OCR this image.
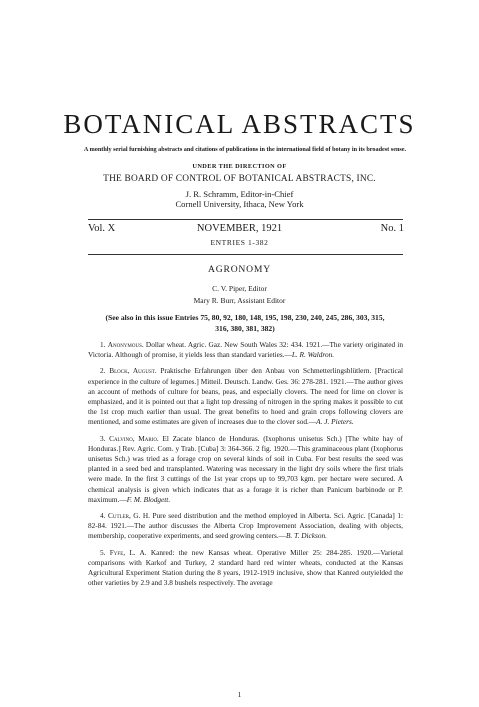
BOTANICAL ABSTRACTS
A monthly serial furnishing abstracts and citations of publications in the international field of botany in its broadest sense.
UNDER THE DIRECTION OF
THE BOARD OF CONTROL OF BOTANICAL ABSTRACTS, INC.
J. R. Schramm, Editor-in-Chief
Cornell University, Ithaca, New York
Vol. X	NOVEMBER, 1921	No. 1
ENTRIES 1-382
AGRONOMY
C. V. Piper, Editor
Mary R. Burr, Assistant Editor
(See also in this issue Entries 75, 80, 92, 180, 148, 195, 198, 230, 240, 245, 286, 303, 315, 316, 380, 381, 382)

1. Anonymous. Dollar wheat. Agric. Gaz. New South Wales 32: 434. 1921.—The variety originated in Victoria. Although of promise, it yields less than standard varieties.—L. R. Waldron.

2. Block, August. Praktische Erfahrungen über den Anbau von Schmetterlingsblütlern. [Practical experience in the culture of legumes.] Mitteil. Deutsch. Landw. Ges. 36: 278-281. 1921.—The author gives an account of methods of culture for beans, peas, and especially clovers. The need for lime on clover is emphasized, and it is pointed out that a light top dressing of nitrogen in the spring makes it possible to cut the 1st crop much earlier than usual. The great benefits to hoed and grain crops following clovers are mentioned, and some estimates are given of increases due to the clover sod.—A. J. Pieters.

3. Calvino, Mario. El Zacate blanco de Honduras. (Ixophorus unisetus Sch.) [The white hay of Honduras.] Rev. Agric. Com. y Trab. [Cuba] 3: 364-366. 2 fig. 1920.—This graminaceous plant (Ixophorus unisetus Sch.) was tried as a forage crop on several kinds of soil in Cuba. For best results the seed was planted in a seed bed and transplanted. Watering was necessary in the light dry soils where the first trials were made. In the first 3 cuttings of the 1st year crops up to 99,703 kgm. per hectare were secured. A chemical analysis is given which indicates that as a forage it is richer than Panicum barbinode or P. maximum.—F. M. Blodgett.

4. Cutler, G. H. Pure seed distribution and the method employed in Alberta. Sci. Agric. [Canada] 1: 82-84. 1921.—The author discusses the Alberta Crop Improvement Association, dealing with objects, membership, cooperative experiments, and seed growing centers.—B. T. Dickson.

5. Fyfe, L. A. Kanred: the new Kansas wheat. Operative Miller 25: 284-285. 1920.—Varietal comparisons with Karkof and Turkey, 2 standard hard red winter wheats, conducted at the Kansas Agricultural Experiment Station during the 8 years, 1912-1919 inclusive, show that Kanred outyielded the other varieties by 2.9 and 3.8 bushels respectively. The average

1
